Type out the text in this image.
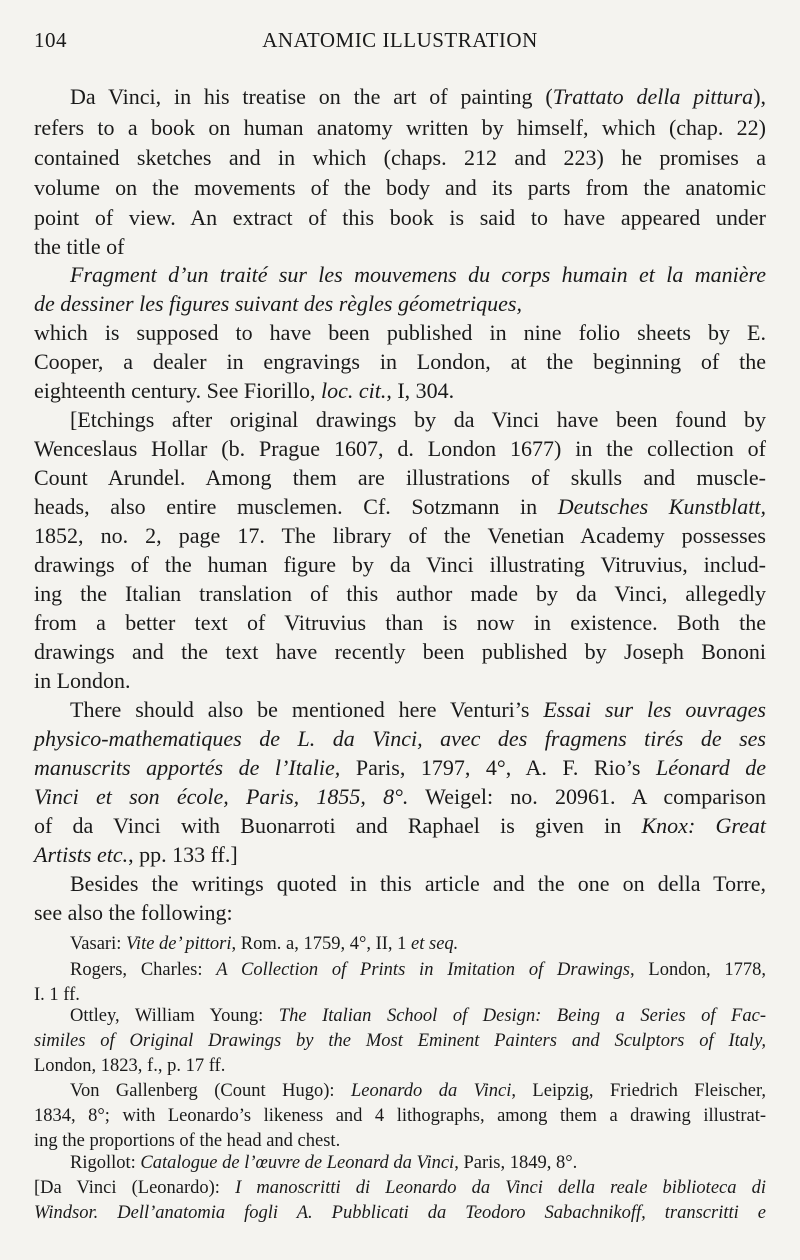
104	ANATOMIC ILLUSTRATION
Da Vinci, in his treatise on the art of painting (Trattato della pittura),
refers to a book on human anatomy written by himself, which (chap. 22)
contained sketches and in which (chaps. 212 and 223) he promises a
volume on the movements of the body and its parts from the anatomic
point of view. An extract of this book is said to have appeared under
the title of
Fragment d’un traité sur les mouvemens du corps humain et la manière
de dessiner les figures suivant des règles géometriques,
which is supposed to have been published in nine folio sheets by E.
Cooper, a dealer in engravings in London, at the beginning of the
eighteenth century. See Fiorillo, loc. cit., I, 304.
[Etchings after original drawings by da Vinci have been found by
Wenceslaus Hollar (b. Prague 1607, d. London 1677) in the collection of
Count Arundel. Among them are illustrations of skulls and muscle-
heads, also entire musclemen. Cf. Sotzmann in Deutsches Kunstblatt,
1852, no. 2, page 17. The library of the Venetian Academy possesses
drawings of the human figure by da Vinci illustrating Vitruvius, includ-
ing the Italian translation of this author made by da Vinci, allegedly
from a better text of Vitruvius than is now in existence. Both the
drawings and the text have recently been published by Joseph Bononi
in London.
There should also be mentioned here Venturi’s Essai sur les ouvrages
physico-mathematiques de L. da Vinci, avec des fragmens tirés de ses
manuscrits apportés de l’Italie, Paris, 1797, 4°, A. F. Rio’s Léonard de
Vinci et son école, Paris, 1855, 8°. Weigel: no. 20961. A comparison
of da Vinci with Buonarroti and Raphael is given in Knox: Great
Artists etc., pp. 133 ff.]
Besides the writings quoted in this article and the one on della Torre,
see also the following:
Vasari: Vite de’ pittori, Rom. a, 1759, 4°, II, 1 et seq.
Rogers, Charles: A Collection of Prints in Imitation of Drawings, London, 1778,
I. 1 ff.
Ottley, William Young: The Italian School of Design: Being a Series of Fac-
similes of Original Drawings by the Most Eminent Painters and Sculptors of Italy,
London, 1823, f., p. 17 ff.
Von Gallenberg (Count Hugo): Leonardo da Vinci, Leipzig, Friedrich Fleischer,
1834, 8°; with Leonardo’s likeness and 4 lithographs, among them a drawing illustrat-
ing the proportions of the head and chest.
Rigollot: Catalogue de l’œuvre de Leonard da Vinci, Paris, 1849, 8°.
[Da Vinci (Leonardo): I manoscritti di Leonardo da Vinci della reale biblioteca di
Windsor. Dell’anatomia fogli A. Pubblicati da Teodoro Sabachnikoff, transcritti e
